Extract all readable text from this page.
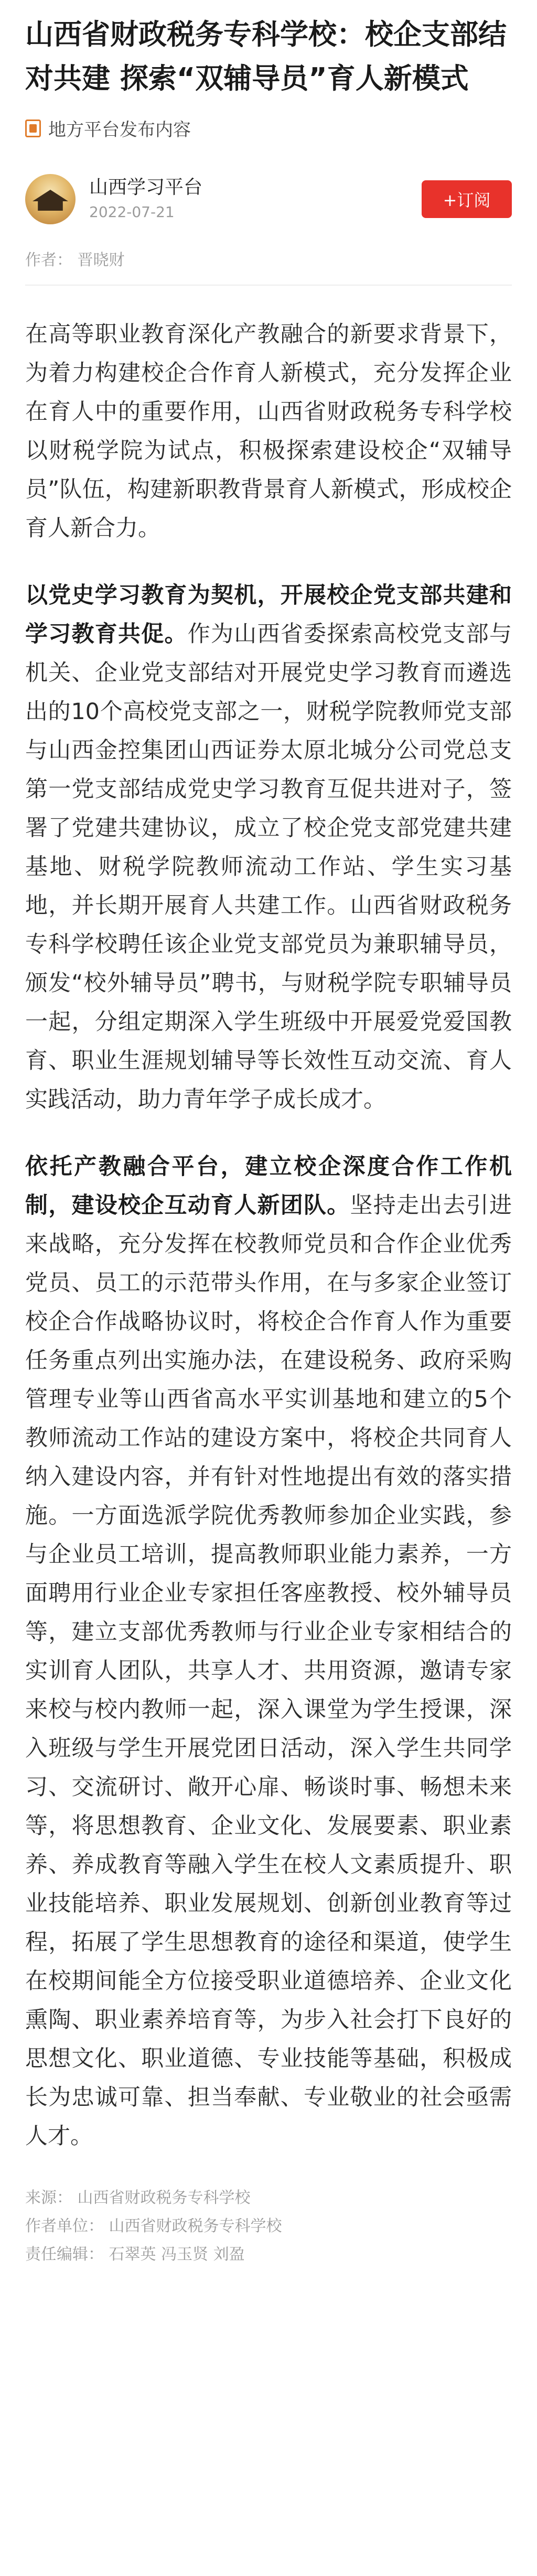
山西省财政税务专科学校：校企支部结对共建 探索“双辅导员”育人新模式
地方平台发布内容
山西学习平台
2022-07-21
+订阅
作者： 晋晓财

在高等职业教育深化产教融合的新要求背景下，为着力构建校企合作育人新模式，充分发挥企业在育人中的重要作用，山西省财政税务专科学校以财税学院为试点，积极探索建设校企“双辅导员”队伍，构建新职教背景育人新模式，形成校企育人新合力。

以党史学习教育为契机，开展校企党支部共建和学习教育共促。作为山西省委探索高校党支部与机关、企业党支部结对开展党史学习教育而遴选出的10个高校党支部之一，财税学院教师党支部与山西金控集团山西证券太原北城分公司党总支第一党支部结成党史学习教育互促共进对子，签署了党建共建协议，成立了校企党支部党建共建基地、财税学院教师流动工作站、学生实习基地，并长期开展育人共建工作。山西省财政税务专科学校聘任该企业党支部党员为兼职辅导员，颁发“校外辅导员”聘书，与财税学院专职辅导员一起，分组定期深入学生班级中开展爱党爱国教育、职业生涯规划辅导等长效性互动交流、育人实践活动，助力青年学子成长成才。

依托产教融合平台，建立校企深度合作工作机制，建设校企互动育人新团队。坚持走出去引进来战略，充分发挥在校教师党员和合作企业优秀党员、员工的示范带头作用，在与多家企业签订校企合作战略协议时，将校企合作育人作为重要任务重点列出实施办法，在建设税务、政府采购管理专业等山西省高水平实训基地和建立的5个教师流动工作站的建设方案中，将校企共同育人纳入建设内容，并有针对性地提出有效的落实措施。一方面选派学院优秀教师参加企业实践，参与企业员工培训，提高教师职业能力素养，一方面聘用行业企业专家担任客座教授、校外辅导员等，建立支部优秀教师与行业企业专家相结合的实训育人团队，共享人才、共用资源，邀请专家来校与校内教师一起，深入课堂为学生授课，深入班级与学生开展党团日活动，深入学生共同学习、交流研讨、敞开心扉、畅谈时事、畅想未来等，将思想教育、企业文化、发展要素、职业素养、养成教育等融入学生在校人文素质提升、职业技能培养、职业发展规划、创新创业教育等过程，拓展了学生思想教育的途径和渠道，使学生在校期间能全方位接受职业道德培养、企业文化熏陶、职业素养培育等，为步入社会打下良好的思想文化、职业道德、专业技能等基础，积极成长为忠诚可靠、担当奉献、专业敬业的社会亟需人才。

来源： 山西省财政税务专科学校
作者单位： 山西省财政税务专科学校
责任编辑： 石翠英 冯玉贤 刘盈
